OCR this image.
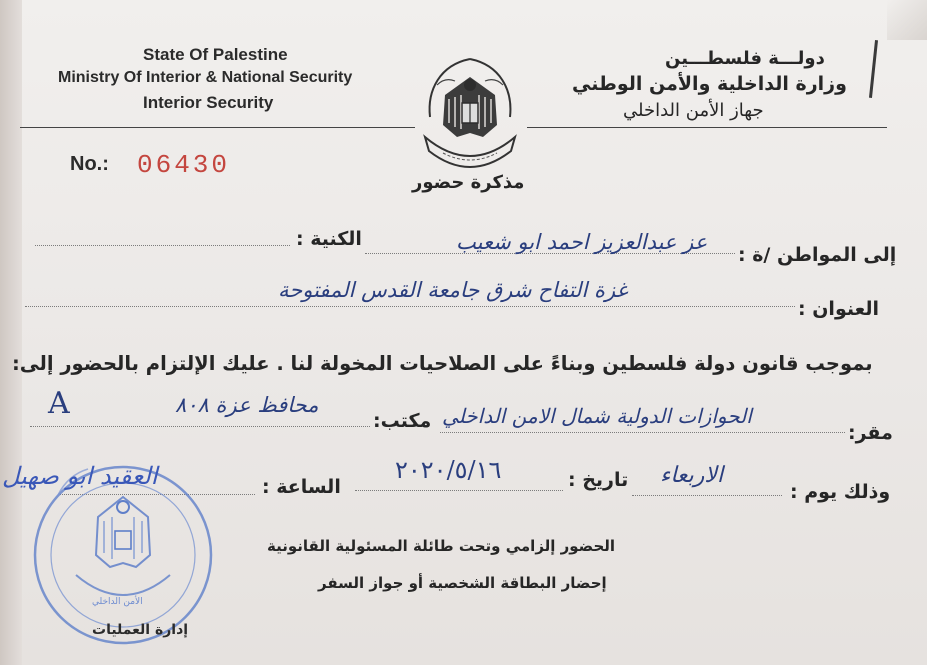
State Of Palestine
Ministry Of Interior & National Security
Interior Security
دولـــة فلسطـــين
وزارة الداخلية والأمن الوطني
جهاز الأمن الداخلي
No.: 06430
مذكرة حضور
الكنية :
إلى المواطن /ة :
عز عبدالعزيز احمد ابو شعيب
العنوان :
غزة التفاح شرق جامعة القدس المفتوحة
بموجب قانون دولة فلسطين وبناءً على الصلاحيات المخولة لنا . عليك الإلتزام بالحضور إلى:
مقر:
الحوازات الدولية شمال الامن الداخلي
مكتب:
محافظ عزة ٨٠٨
A
وذلك يوم :
الاربعاء
تاريخ :
٢٠٢٠/٥/١٦
الساعة :
الحضور إلزامي وتحت طائلة المسئولية القانونية
إحضار البطاقة الشخصية أو جواز السفر
الأمن الداخلي
العقيد ابو صهيل
إدارة العمليات
